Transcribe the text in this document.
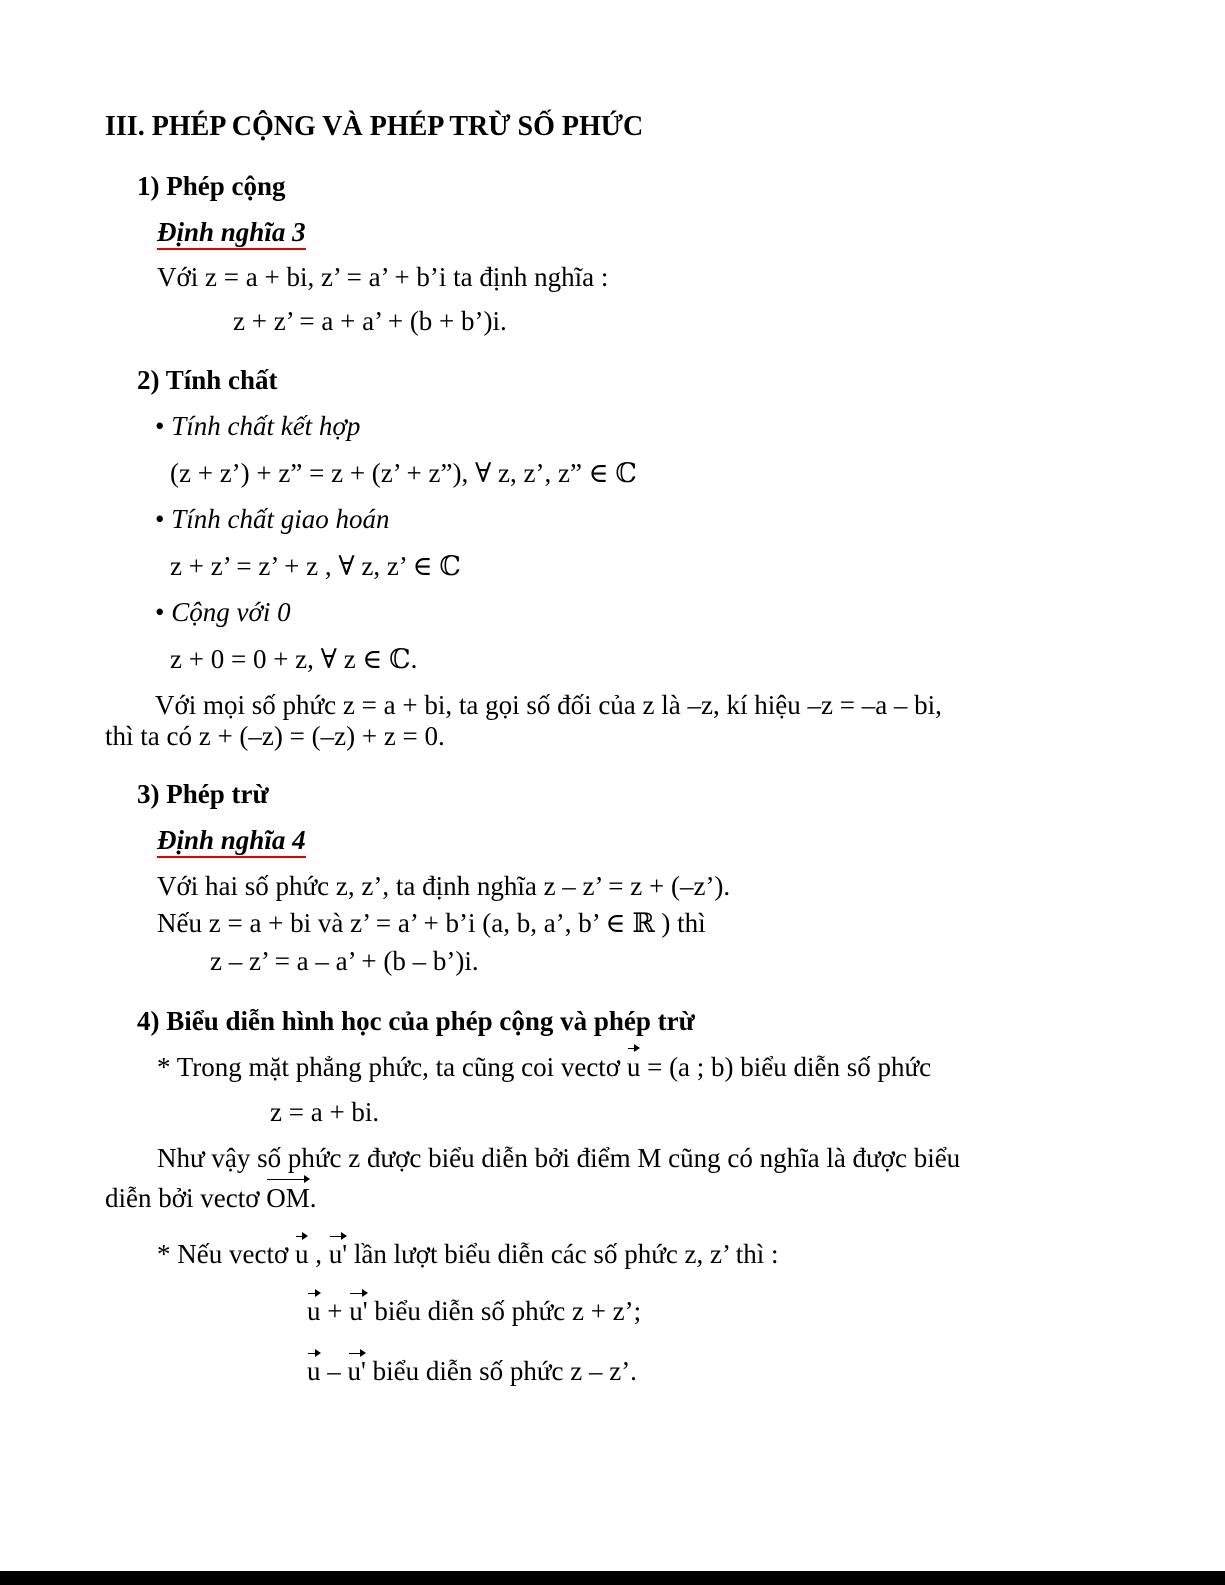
III. PHÉP CỘNG VÀ PHÉP TRỪ SỐ PHỨC
1) Phép cộng
Định nghĩa 3
Với z = a + bi, z’ = a’ + b’i ta định nghĩa :
z + z’ = a + a’ + (b + b’)i.
2) Tính chất
• Tính chất kết hợp
(z + z’) + z” = z + (z’ + z”), ∀ z, z’, z” ∈ ℂ
• Tính chất giao hoán
z + z’ = z’ + z , ∀ z, z’ ∈ ℂ
• Cộng với 0
z + 0 = 0 + z, ∀ z ∈ ℂ.
Với mọi số phức z = a + bi, ta gọi số đối của z là –z, kí hiệu –z = –a – bi,
thì ta có z + (–z) = (–z) + z = 0.
3) Phép trừ
Định nghĩa 4
Với hai số phức z, z’, ta định nghĩa z – z’ = z + (–z’).
Nếu z = a + bi và z’ = a’ + b’i (a, b, a’, b’ ∈ ℝ ) thì
z – z’ = a – a’ + (b – b’)i.
4) Biểu diễn hình học của phép cộng và phép trừ
* Trong mặt phẳng phức, ta cũng coi vectơ u = (a ; b) biểu diễn số phức
z = a + bi.
Như vậy số phức z được biểu diễn bởi điểm M cũng có nghĩa là được biểu
diễn bởi vectơ OM.
* Nếu vectơ u , u' lần lượt biểu diễn các số phức z, z’ thì :
u + u' biểu diễn số phức z + z’;
u – u' biểu diễn số phức z – z’.
